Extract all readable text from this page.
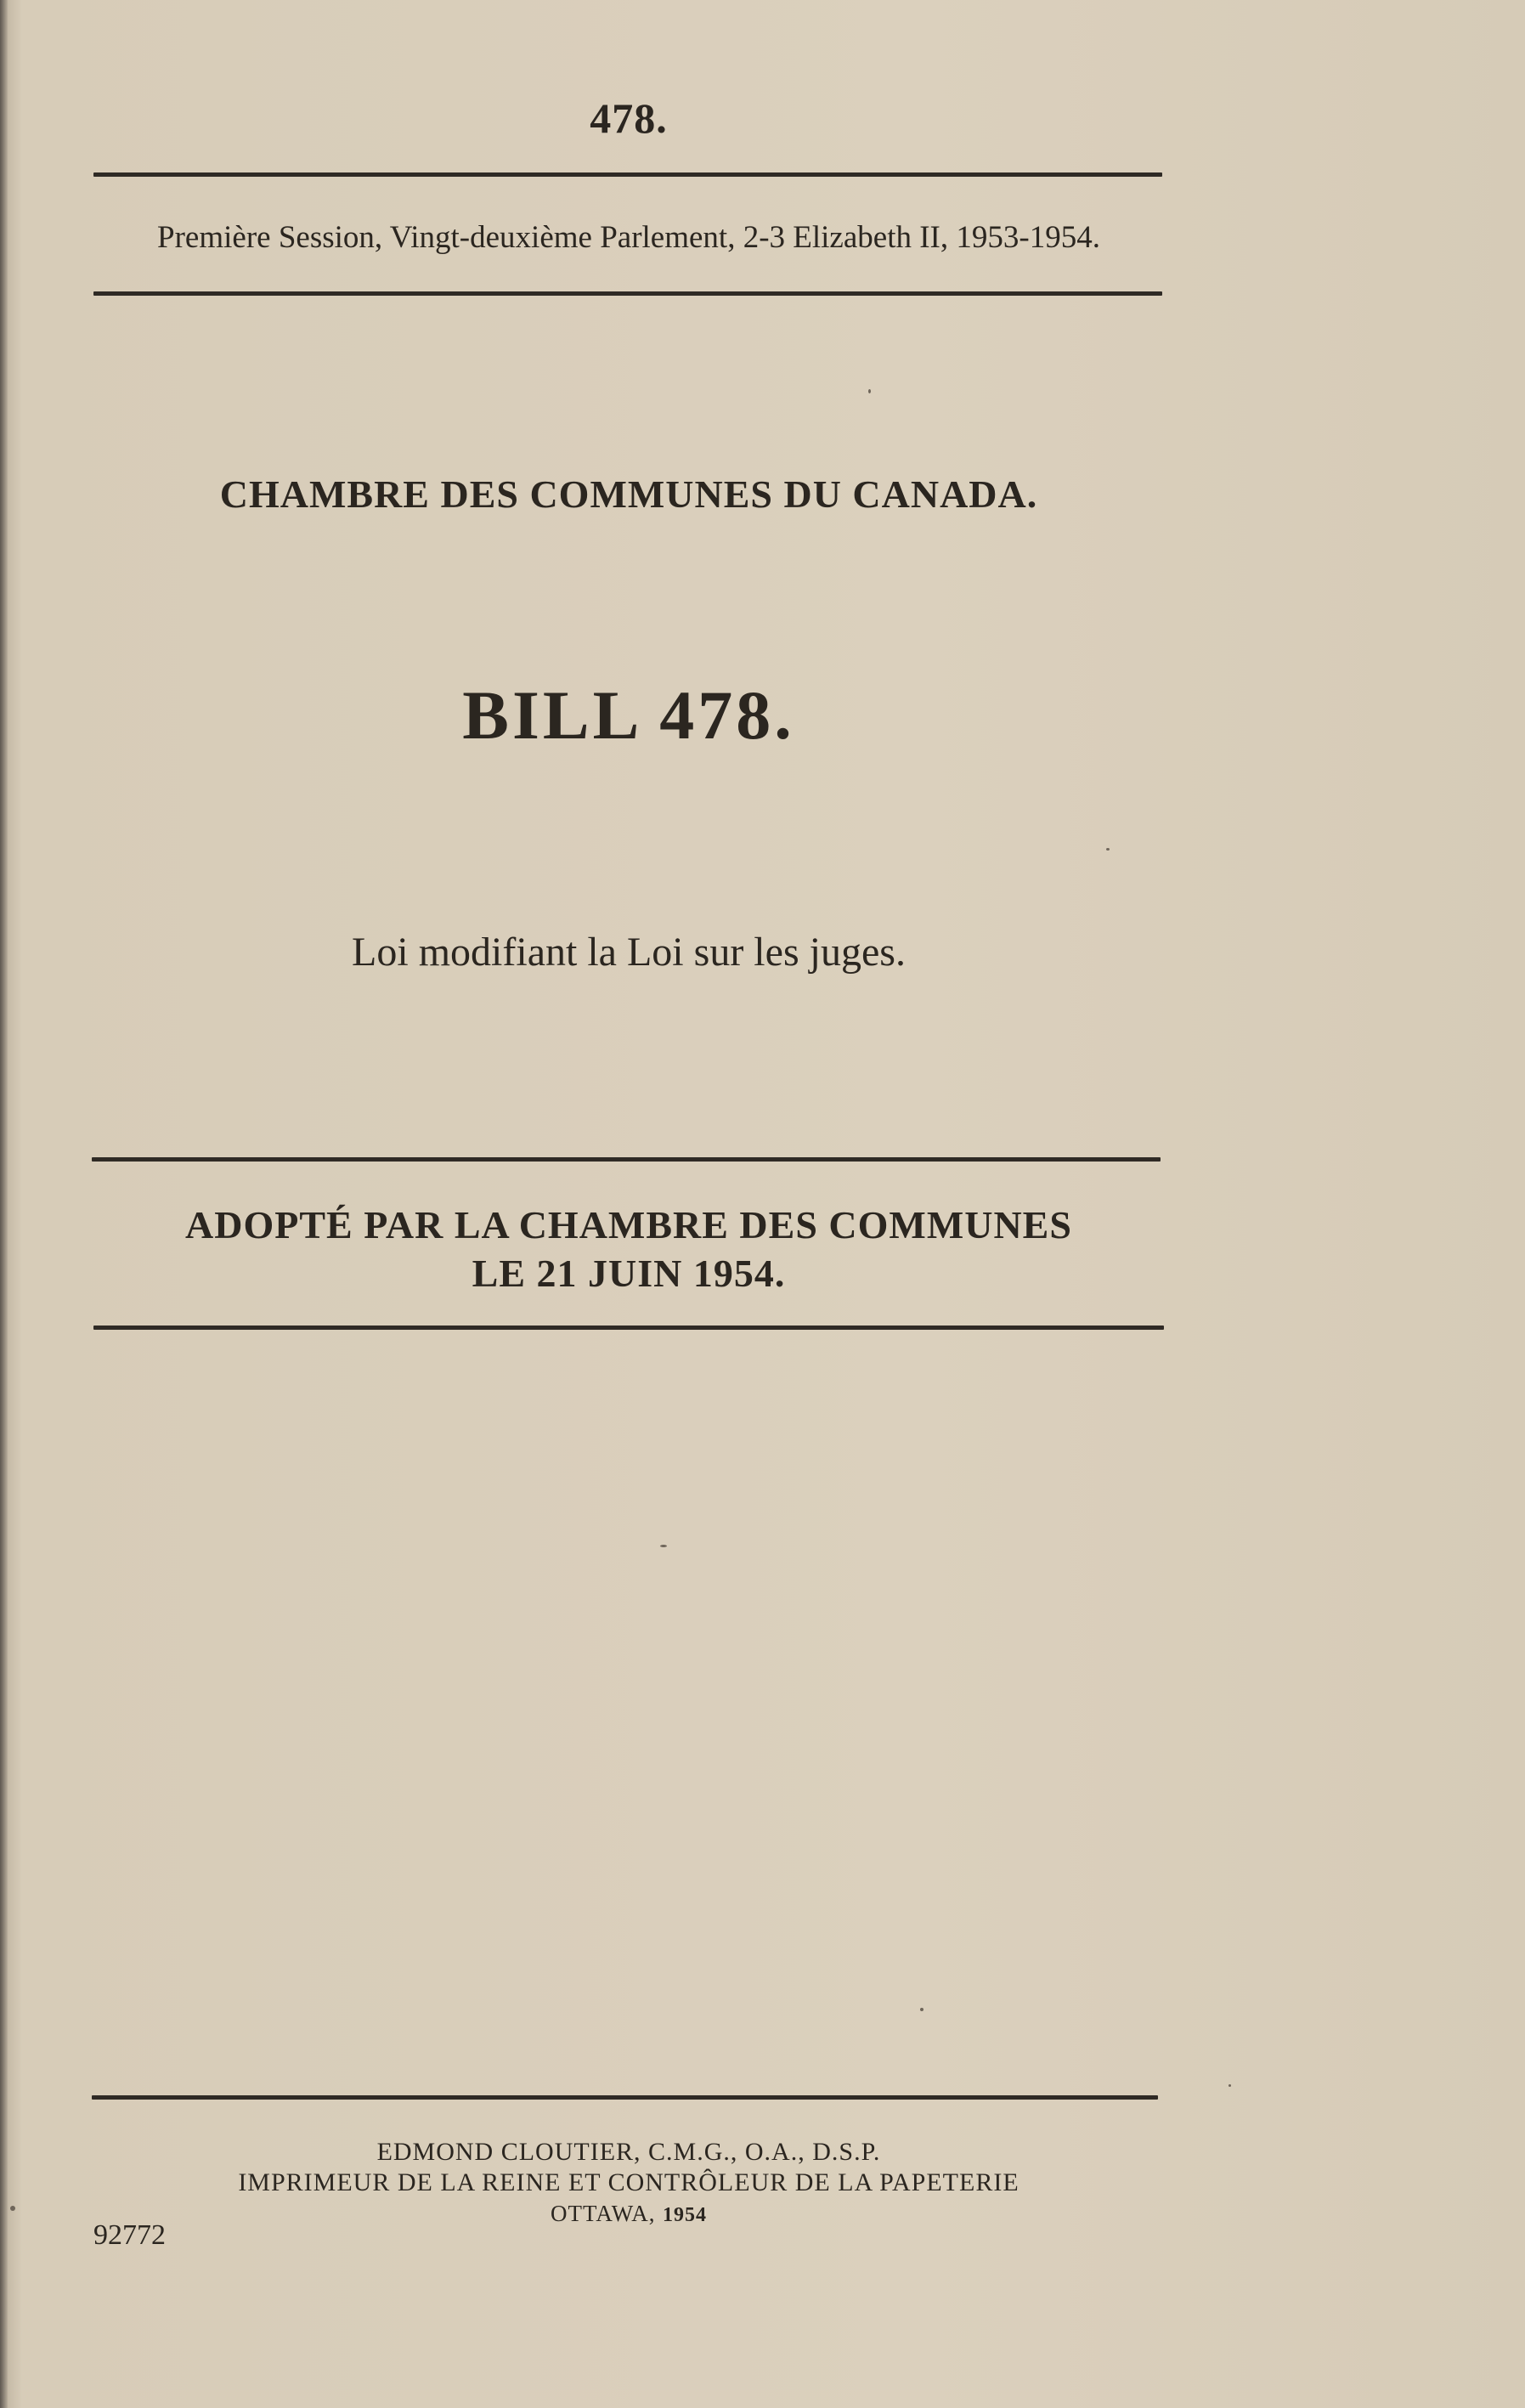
478.
Première Session, Vingt-deuxième Parlement, 2-3 Elizabeth II, 1953-1954.
CHAMBRE DES COMMUNES DU CANADA.
BILL 478.
Loi modifiant la Loi sur les juges.
ADOPTÉ PAR LA CHAMBRE DES COMMUNES
LE 21 JUIN 1954.
EDMOND CLOUTIER, C.M.G., O.A., D.S.P.
IMPRIMEUR DE LA REINE ET CONTRÔLEUR DE LA PAPETERIE
OTTAWA, 1954
92772
